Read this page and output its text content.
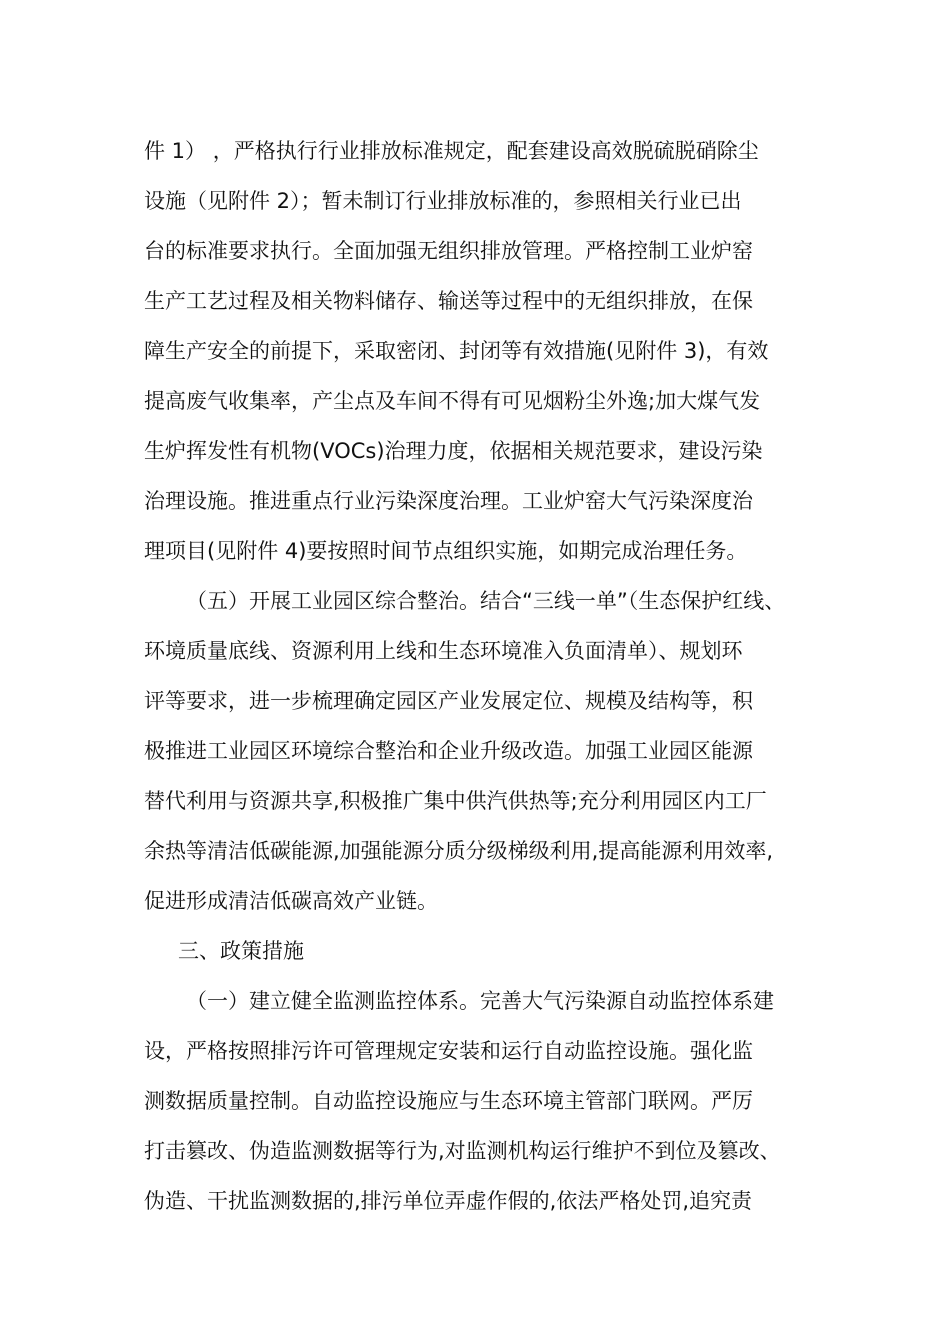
件 1） ，严格执行行业排放标准规定，配套建设高效脱硫脱硝除尘
设施（见附件 2）；暂未制订行业排放标准的，参照相关行业已出
台的标准要求执行。全面加强无组织排放管理。严格控制工业炉窑
生产工艺过程及相关物料储存、输送等过程中的无组织排放，在保
障生产安全的前提下，采取密闭、封闭等有效措施(见附件 3)，有效
提高废气收集率，产尘点及车间不得有可见烟粉尘外逸;加大煤气发
生炉挥发性有机物(VOCs)治理力度，依据相关规范要求，建设污染
治理设施。推进重点行业污染深度治理。工业炉窑大气污染深度治
理项目(见附件 4)要按照时间节点组织实施，如期完成治理任务。
（五）开展工业园区综合整治。结合“三线一单”（生态保护红线、
环境质量底线、资源利用上线和生态环境准入负面清单）、规划环
评等要求，进一步梳理确定园区产业发展定位、规模及结构等，积
极推进工业园区环境综合整治和企业升级改造。加强工业园区能源
替代利用与资源共享,积极推广集中供汽供热等;充分利用园区内工厂
余热等清洁低碳能源,加强能源分质分级梯级利用,提高能源利用效率,
促进形成清洁低碳高效产业链。
三、政策措施
（一）建立健全监测监控体系。完善大气污染源自动监控体系建
设，严格按照排污许可管理规定安装和运行自动监控设施。强化监
测数据质量控制。自动监控设施应与生态环境主管部门联网。严厉
打击篡改、伪造监测数据等行为,对监测机构运行维护不到位及篡改、
伪造、干扰监测数据的,排污单位弄虚作假的,依法严格处罚,追究责
